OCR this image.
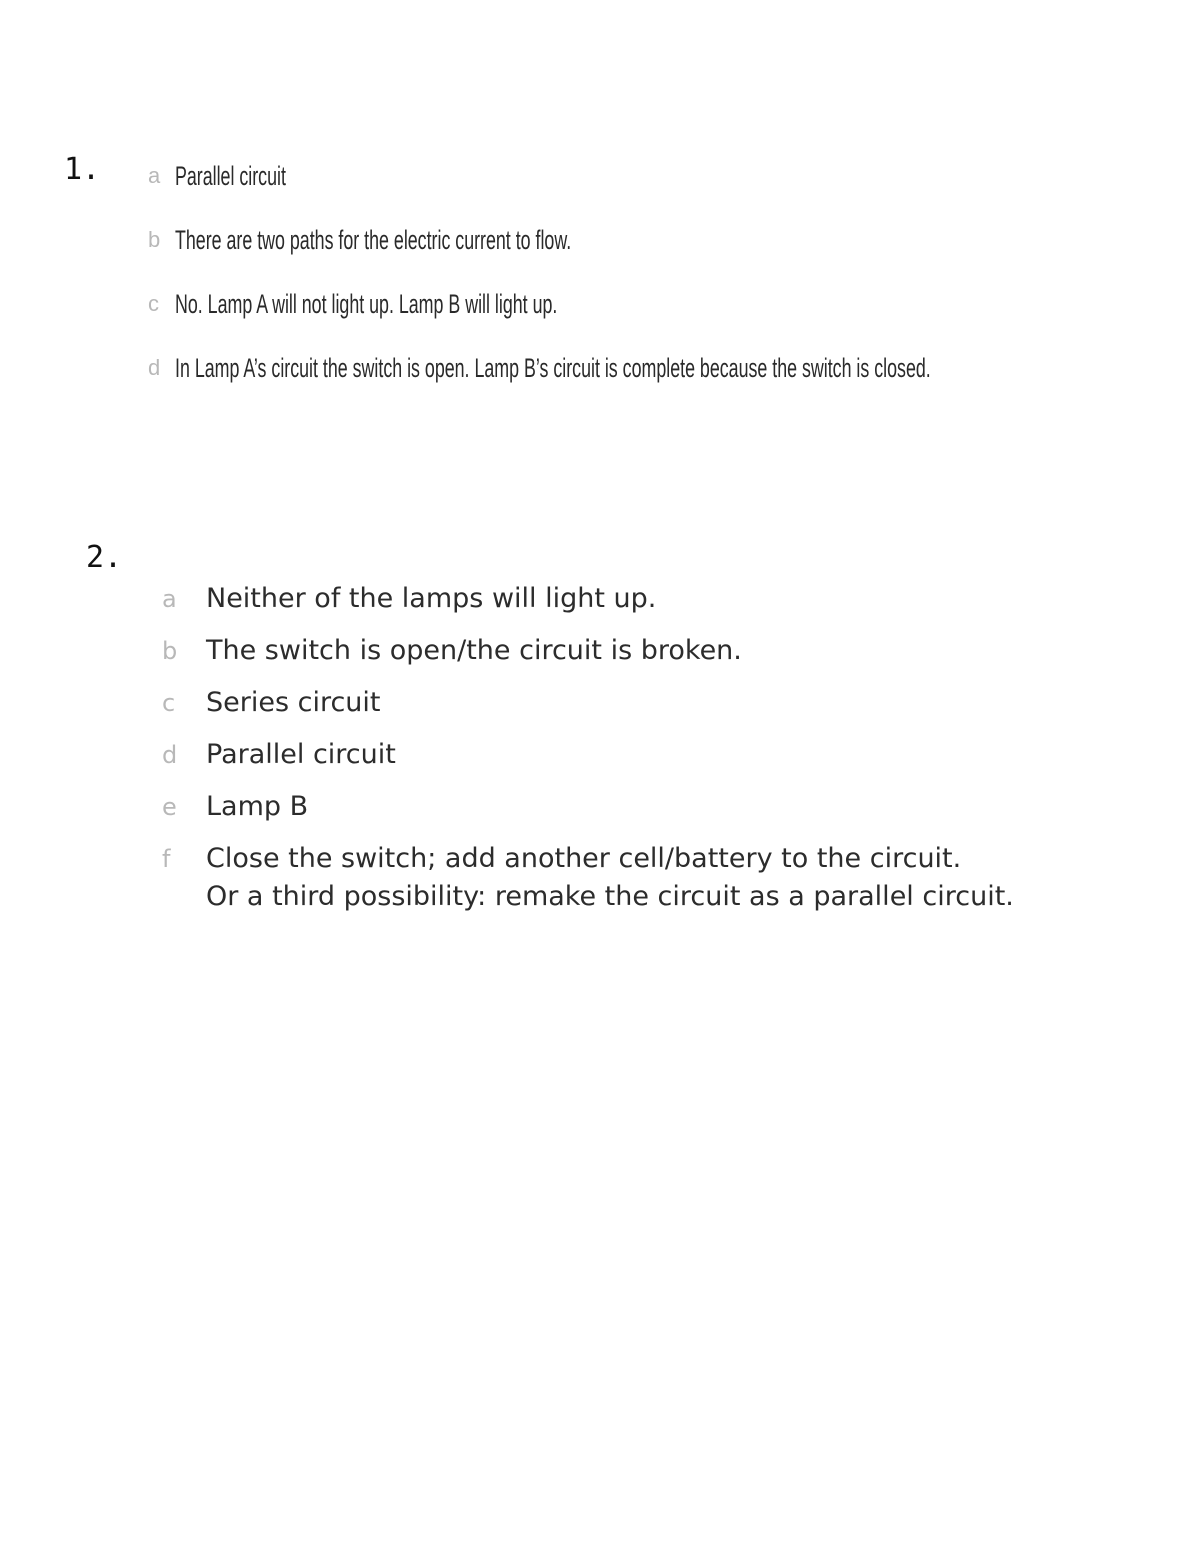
1. a Parallel circuit
b There are two paths for the electric current to flow.
c No. Lamp A will not light up. Lamp B will light up.
d In Lamp A’s circuit the switch is open. Lamp B’s circuit is complete because the switch is closed.
2.
a Neither of the lamps will light up.
b The switch is open/the circuit is broken.
c Series circuit
d Parallel circuit
e Lamp B
f Close the switch; add another cell/battery to the circuit.
Or a third possibility: remake the circuit as a parallel circuit.
